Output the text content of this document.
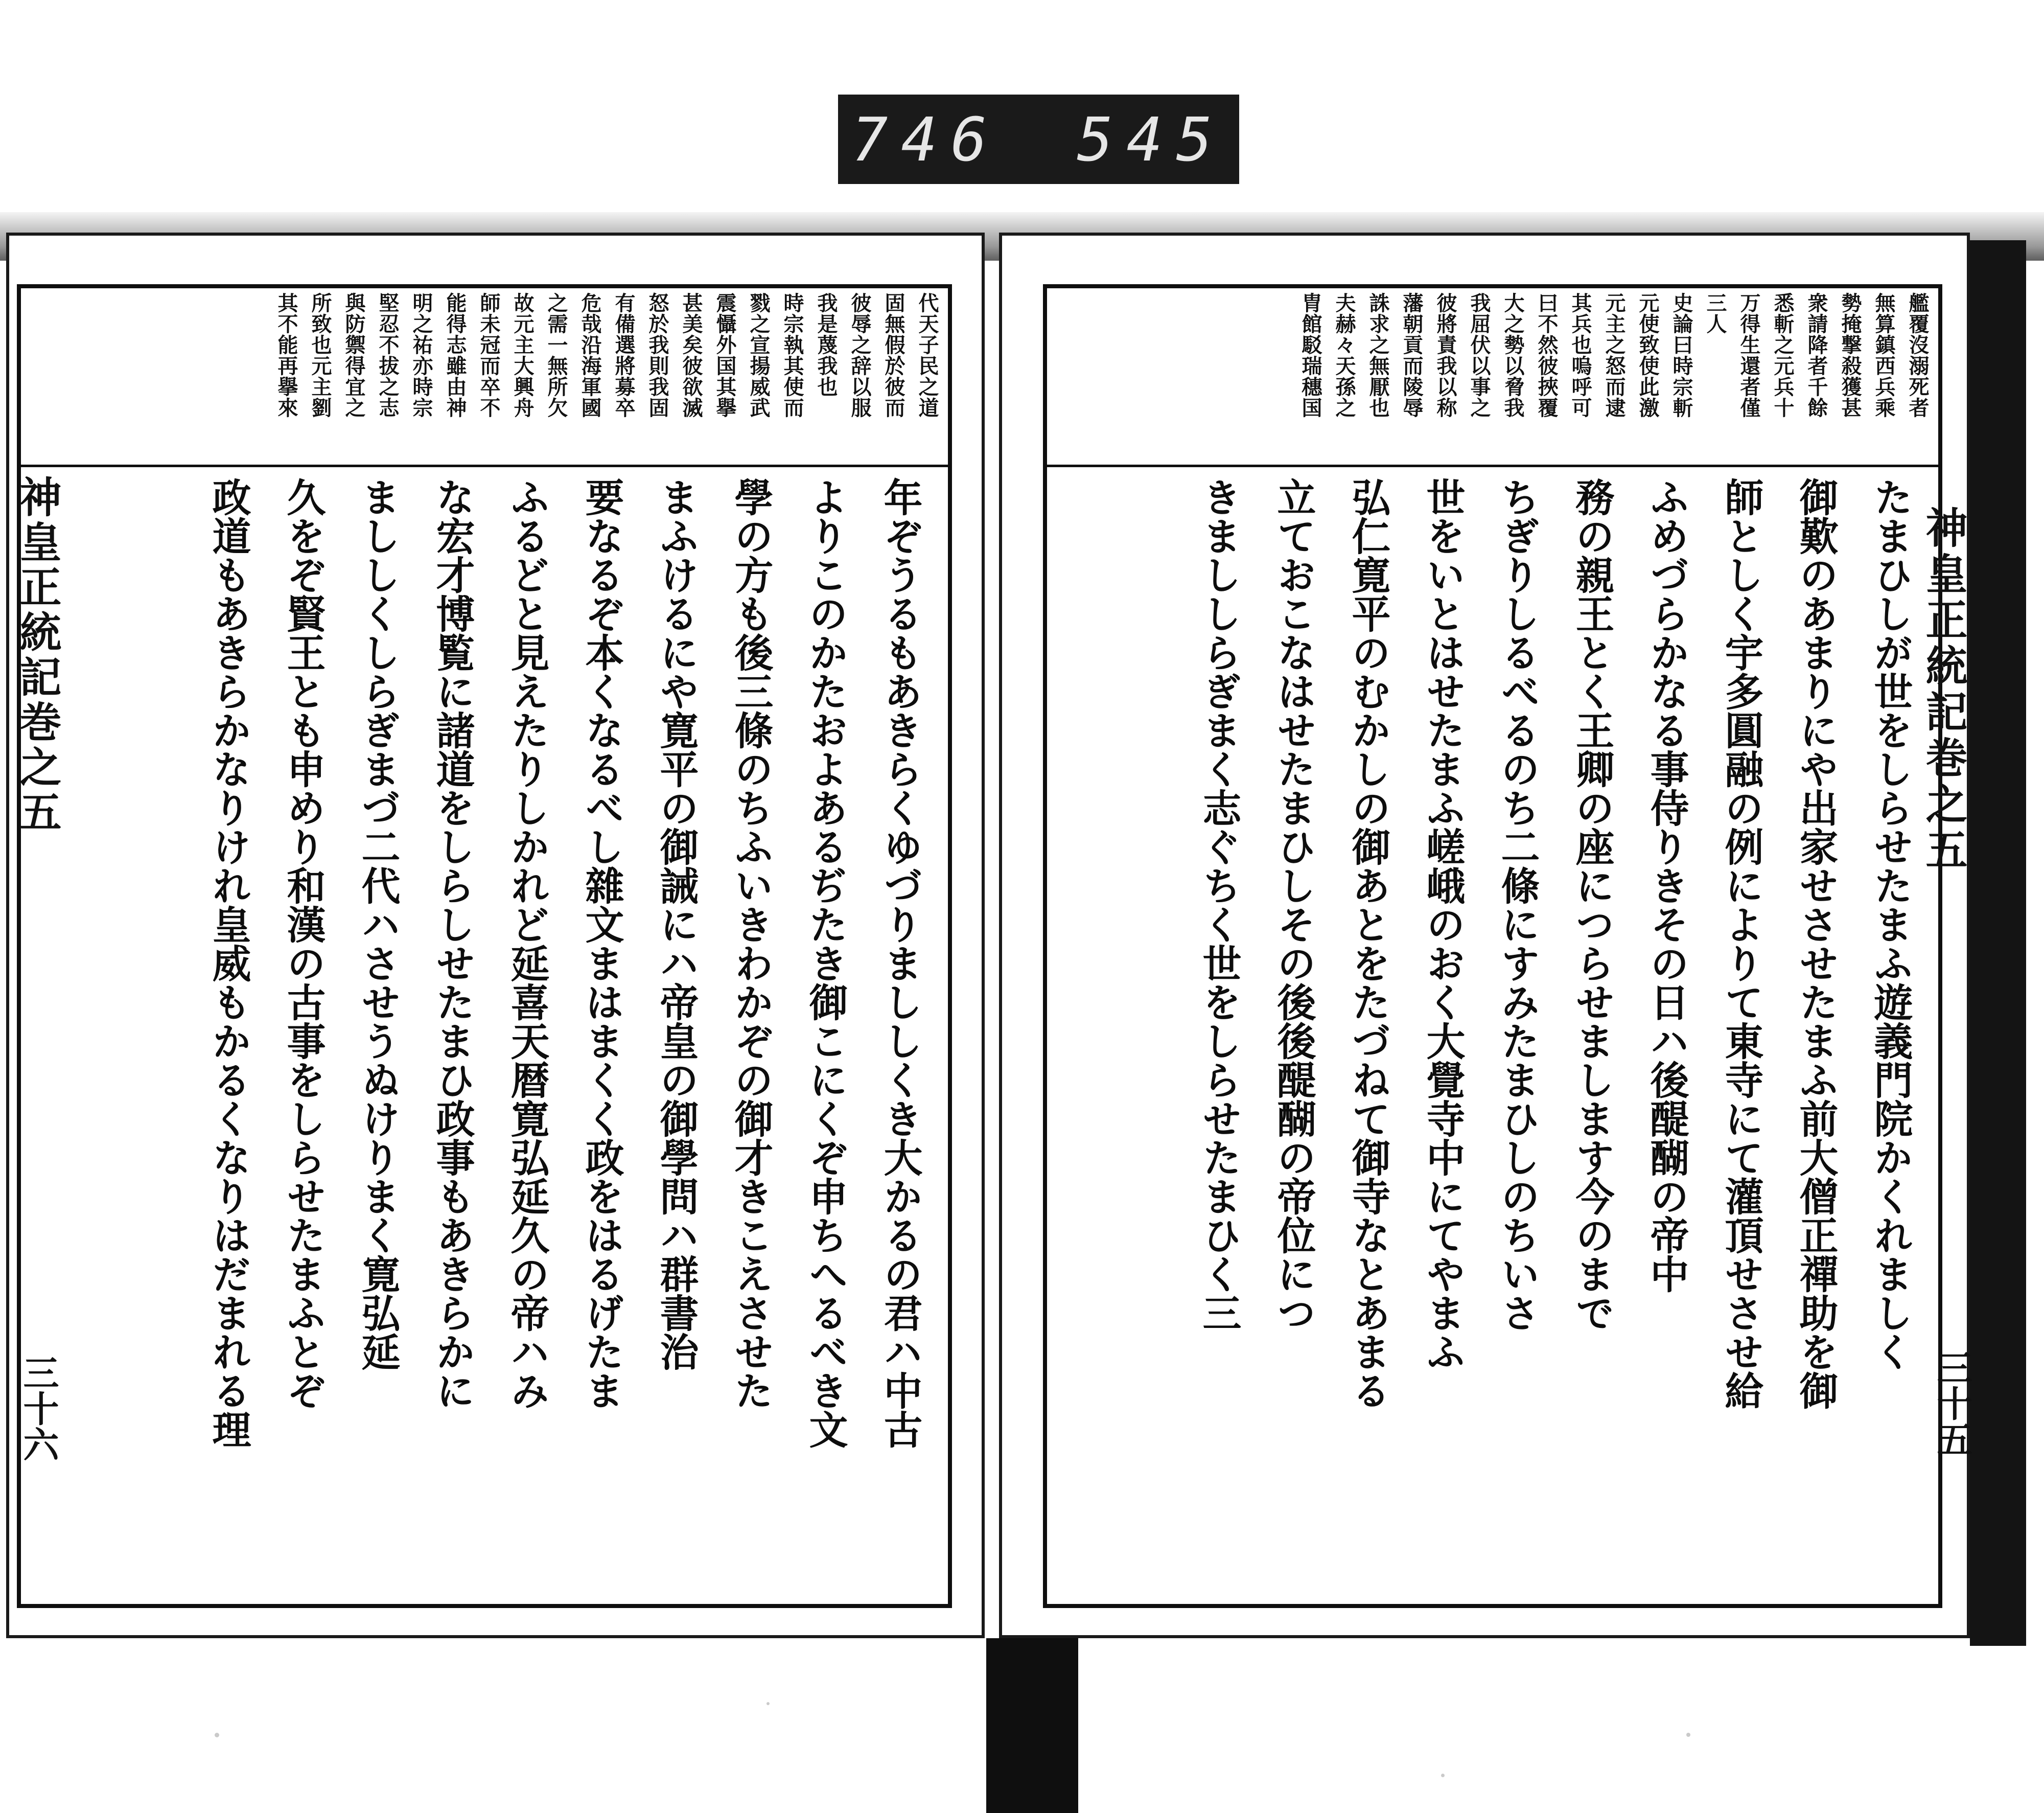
746 545
代天子民之道
固無假於彼而
彼辱之辞以服
我是蔑我也
時宗執其使而
戮之宣揚威武
震懾外国其擧
甚美矣彼欲滅
怒於我則我固
有備選將募卒
危哉沿海軍國
之需一無所欠
故元主大興舟
師未冠而卒不
能得志雖由神
明之祐亦時宗
堅忍不拔之志
與防禦得宜之
所致也元主劉
其不能再擧來
年ぞうるもあきらくゆづりまししくき大かるの君ハ中古
よりこのかたおよあるぢたき御こにくぞ申ちへるべき文
學の方も後三條のちふいきわかぞの御才きこえさせた
まふけるにや寛平の御誡にハ帝皇の御學問ハ群書治
要なるぞ本くなるべし雜文まはまくく政をはるげたま
ふるどと見えたりしかれど延喜天暦寛弘延久の帝ハみ
な宏才博覧に諸道をしらしせたまひ政事もあきらかに
まししくしらぎまづ二代ハさせうぬけりまく寛弘延
久をぞ賢王とも申めり和漢の古事をしらせたまふとぞ
政道もあきらかなりけれ皇威もかるくなりはだまれる理
艦覆沒溺死者
無算鎮西兵乘
勢掩撃殺獲甚
衆請降者千餘
悉斬之元兵十
万得生還者僅
三人
史論曰時宗斬
元使致使此激
元主之怒而逮
其兵也嗚呼可
曰不然彼挾覆
大之勢以脅我
我屈伏以事之
彼將責我以称
藩朝貢而陵辱
誅求之無厭也
夫赫々天孫之
胄館駁瑞穗国
たまひしが世をしらせたまふ遊義門院かくれましく
御歎のあまりにや出家せさせたまふ前大僧正禪助を御
師としく宇多圓融の例によりて東寺にて灌頂せさせ給
ふめづらかなる事侍りきその日ハ後醍醐の帝中
務の親王とく王卿の座につらせまします今のまで
ちぎりしるべるのち二條にすみたまひしのちいさ
世をいとはせたまふ嵯峨のおく大覺寺中にてやまふ
弘仁寛平のむかしの御あとをたづねて御寺なとあまる
立ておこなはせたまひしその後後醍醐の帝位につ
きまししらぎまく志ぐちく世をしらせたまひく三	神皇正統記巻之五
三十五
神皇正統記巻之五
三十六
